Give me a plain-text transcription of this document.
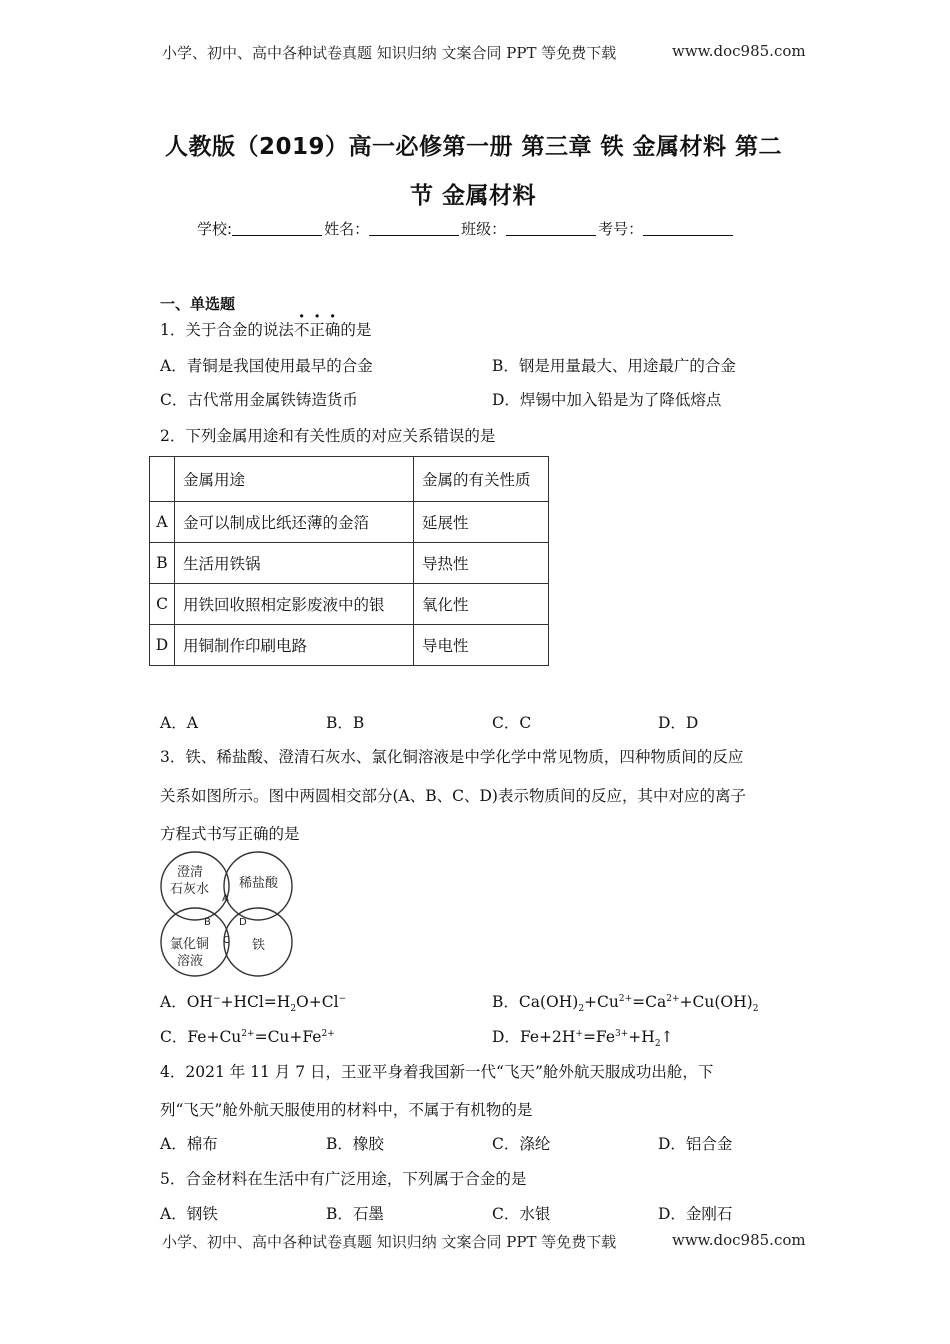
小学、初中、高中各种试卷真题 知识归纳 文案合同 PPT 等免费下载	www.doc985.com
人教版（2019）高一必修第一册 第三章 铁 金属材料 第二
节 金属材料
学校:	姓名：	班级：	考号：
一、单选题
1．关于合金的说法不正确的是
A．青铜是我国使用最早的合金	B．钢是用量最大、用途最广的合金
C．古代常用金属铁铸造货币	D．焊锡中加入铅是为了降低熔点
2．下列金属用途和有关性质的对应关系错误的是
	金属用途	金属的有关性质
A	金可以制成比纸还薄的金箔	延展性
B	生活用铁锅	导热性
C	用铁回收照相定影废液中的银	氧化性
D	用铜制作印刷电路	导电性
A．A	B．B	C．C	D．D
3．铁、稀盐酸、澄清石灰水、氯化铜溶液是中学化学中常见物质，四种物质间的反应
关系如图所示。图中两圆相交部分(A、B、C、D)表示物质间的反应，其中对应的离子
方程式书写正确的是
澄清
石灰水 稀盐酸
氯化铜
溶液
铁
A
B
C
D
A．$OH^-+HCl=H_2O+Cl^-$	B．$Ca(OH)_2+Cu^{2+}=Ca^{2+}+Cu(OH)_2$
C．$Fe+Cu^{2+}=Cu+Fe^{2+}$	D．$Fe+2H^+=Fe^{3+}+H_2↑$
4．2021 年 11 月 7 日，王亚平身着我国新一代“飞天”舱外航天服成功出舱，下
列“飞天”舱外航天服使用的材料中，不属于有机物的是
A．棉布	B．橡胶	C．涤纶	D．铝合金
5．合金材料在生活中有广泛用途，下列属于合金的是
A．钢铁	B．石墨	C．水银	D．金刚石
小学、初中、高中各种试卷真题 知识归纳 文案合同 PPT 等免费下载	www.doc985.com
